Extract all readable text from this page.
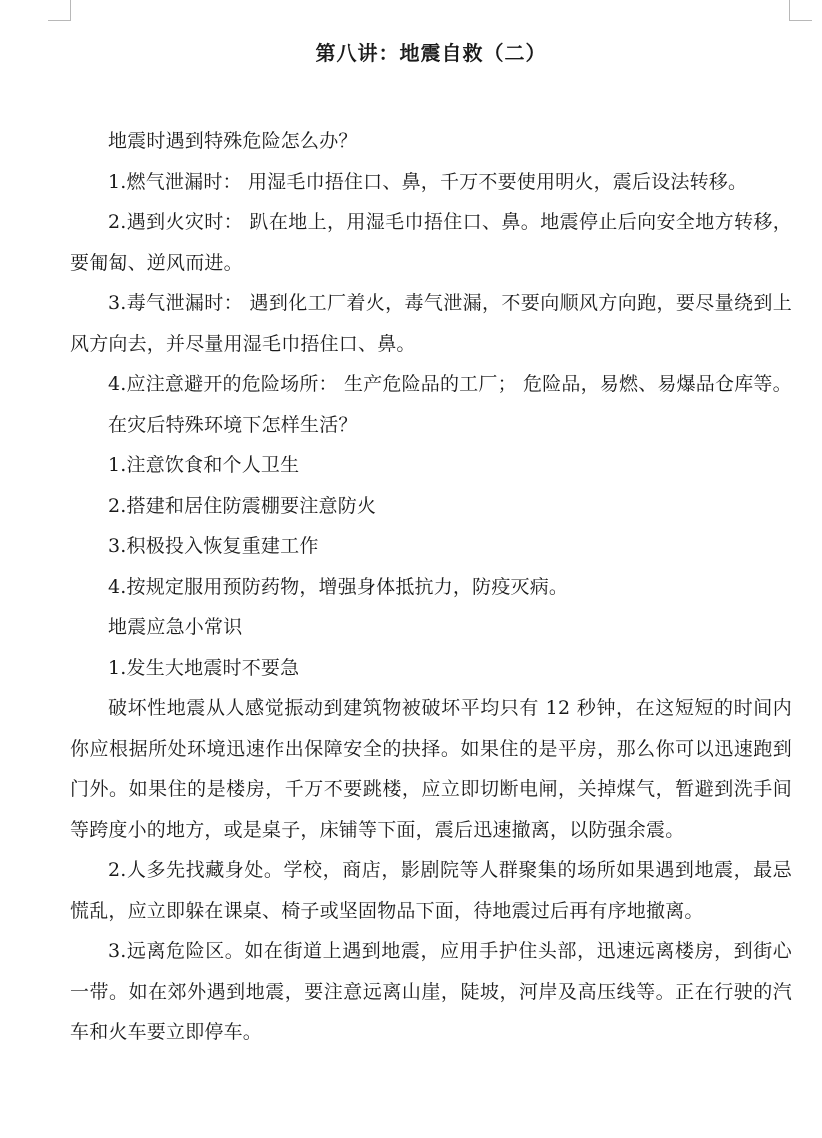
第八讲：地震自救（二）

地震时遇到特殊危险怎么办？

1.燃气泄漏时： 用湿毛巾捂住口、鼻，千万不要使用明火，震后设法转移。

2.遇到火灾时： 趴在地上，用湿毛巾捂住口、鼻。地震停止后向安全地方转移，要匍匐、逆风而进。

3.毒气泄漏时： 遇到化工厂着火，毒气泄漏，不要向顺风方向跑，要尽量绕到上风方向去，并尽量用湿毛巾捂住口、鼻。

4.应注意避开的危险场所： 生产危险品的工厂； 危险品，易燃、易爆品仓库等。

在灾后特殊环境下怎样生活？

1.注意饮食和个人卫生

2.搭建和居住防震棚要注意防火

3.积极投入恢复重建工作

4.按规定服用预防药物，增强身体抵抗力，防疫灭病。

地震应急小常识

1.发生大地震时不要急

破坏性地震从人感觉振动到建筑物被破坏平均只有 12 秒钟，在这短短的时间内你应根据所处环境迅速作出保障安全的抉择。如果住的是平房，那么你可以迅速跑到门外。如果住的是楼房，千万不要跳楼，应立即切断电闸，关掉煤气，暂避到洗手间等跨度小的地方，或是桌子，床铺等下面，震后迅速撤离，以防强余震。

2.人多先找藏身处。学校，商店，影剧院等人群聚集的场所如果遇到地震，最忌慌乱，应立即躲在课桌、椅子或坚固物品下面，待地震过后再有序地撤离。

3.远离危险区。如在街道上遇到地震，应用手护住头部，迅速远离楼房，到街心一带。如在郊外遇到地震，要注意远离山崖，陡坡，河岸及高压线等。正在行驶的汽车和火车要立即停车。
